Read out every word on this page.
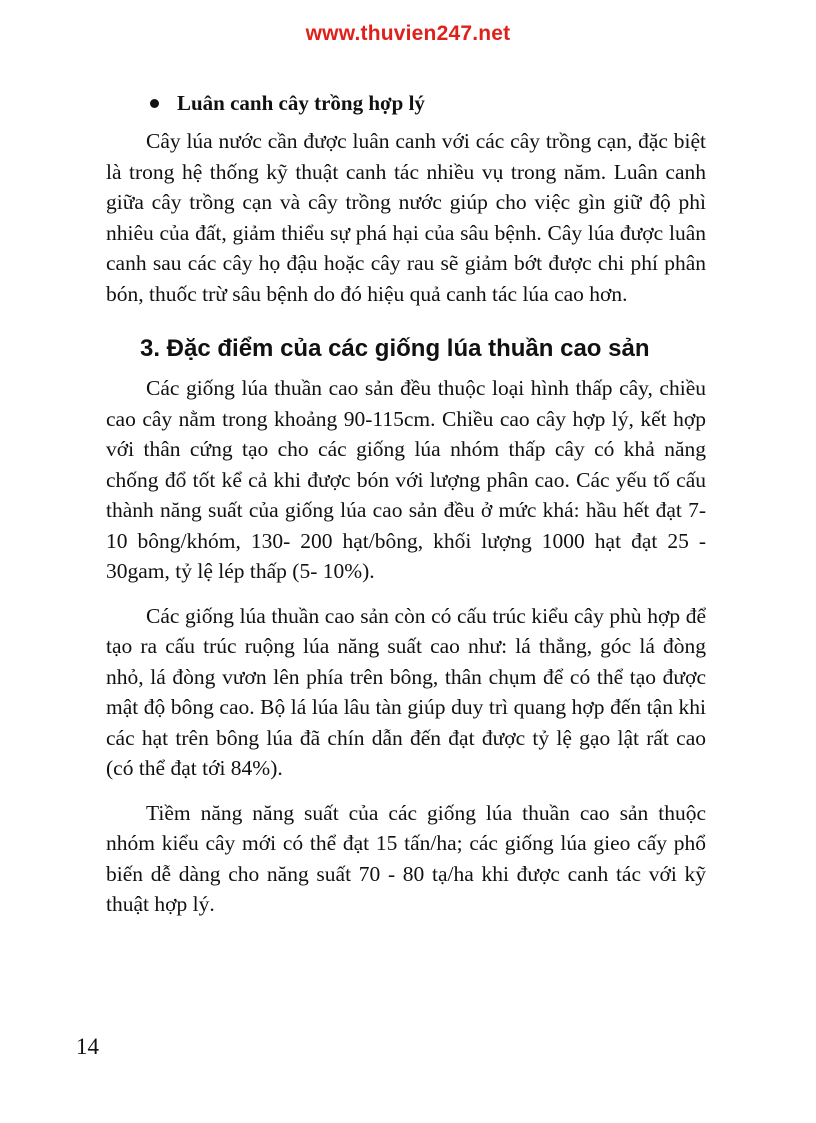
www.thuvien247.net
Luân canh cây trồng hợp lý

Cây lúa nước cần được luân canh với các cây trồng cạn, đặc biệt là trong hệ thống kỹ thuật canh tác nhiều vụ trong năm. Luân canh giữa cây trồng cạn và cây trồng nước giúp cho việc gìn giữ độ phì nhiêu của đất, giảm thiểu sự phá hại của sâu bệnh. Cây lúa được luân canh sau các cây họ đậu hoặc cây rau sẽ giảm bớt được chi phí phân bón, thuốc trừ sâu bệnh do đó hiệu quả canh tác lúa cao hơn.

3. Đặc điểm của các giống lúa thuần cao sản

Các giống lúa thuần cao sản đều thuộc loại hình thấp cây, chiều cao cây nằm trong khoảng 90-115cm. Chiều cao cây hợp lý, kết hợp với thân cứng tạo cho các giống lúa nhóm thấp cây có khả năng chống đổ tốt kể cả khi được bón với lượng phân cao. Các yếu tố cấu thành năng suất của giống lúa cao sản đều ở mức khá: hầu hết đạt 7-10 bông/khóm, 130- 200 hạt/bông, khối lượng 1000 hạt đạt 25 - 30gam, tỷ lệ lép thấp (5- 10%).

Các giống lúa thuần cao sản còn có cấu trúc kiểu cây phù hợp để tạo ra cấu trúc ruộng lúa năng suất cao như: lá thẳng, góc lá đòng nhỏ, lá đòng vươn lên phía trên bông, thân chụm để có thể tạo được mật độ bông cao. Bộ lá lúa lâu tàn giúp duy trì quang hợp đến tận khi các hạt trên bông lúa đã chín dẫn đến đạt được tỷ lệ gạo lật rất cao (có thể đạt tới 84%).

Tiềm năng năng suất của các giống lúa thuần cao sản thuộc nhóm kiểu cây mới có thể đạt 15 tấn/ha; các giống lúa gieo cấy phổ biến dễ dàng cho năng suất 70 - 80 tạ/ha khi được canh tác với kỹ thuật hợp lý.

14
